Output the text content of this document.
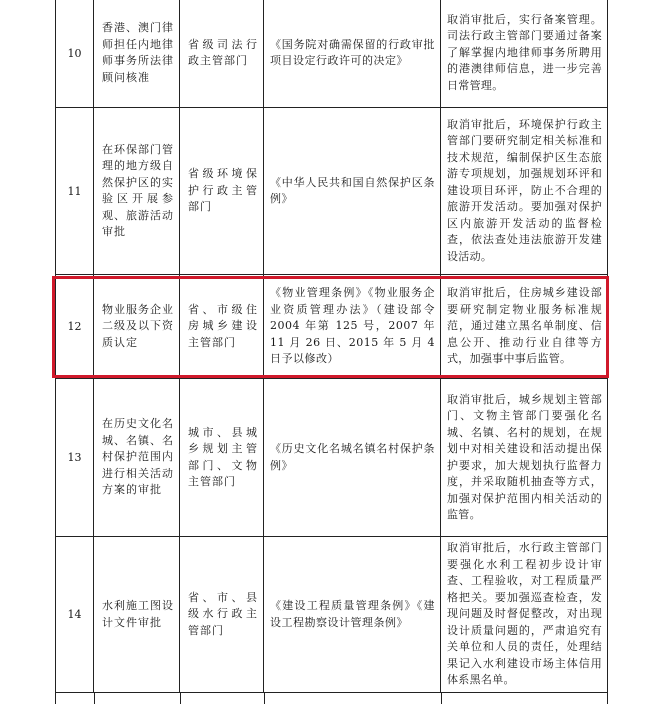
10	香港、澳门律师担任内地律师事务所法律顾问核准	省级司法行政主管部门	《国务院对确需保留的行政审批项目设定行政许可的决定》	取消审批后，实行备案管理。司法行政主管部门要通过备案了解掌握内地律师事务所聘用的港澳律师信息，进一步完善日常管理。
11	在环保部门管理的地方级自然保护区的实验区开展参观、旅游活动审批	省级环境保护行政主管部门	《中华人民共和国自然保护区条例》	取消审批后，环境保护行政主管部门要研究制定相关标准和技术规范，编制保护区生态旅游专项规划，加强规划环评和建设项目环评，防止不合理的旅游开发活动。要加强对保护区内旅游开发活动的监督检查，依法查处违法旅游开发建设活动。
12	物业服务企业二级及以下资质认定	省、市级住房城乡建设主管部门	《物业管理条例》《物业服务企业资质管理办法》（建设部令 2004 年第 125 号，2007 年 11 月 26 日、2015 年 5 月 4 日予以修改）	取消审批后，住房城乡建设部要研究制定物业服务标准规范，通过建立黑名单制度、信息公开、推动行业自律等方式，加强事中事后监管。
13	在历史文化名城、名镇、名村保护范围内进行相关活动方案的审批	城市、县城乡规划主管部门、文物主管部门	《历史文化名城名镇名村保护条例》	取消审批后，城乡规划主管部门、文物主管部门要强化名城、名镇、名村的规划，在规划中对相关建设和活动提出保护要求，加大规划执行监督力度，并采取随机抽查等方式，加强对保护范围内相关活动的监管。
14	水利施工图设计文件审批	省、市、县级水行政主管部门	《建设工程质量管理条例》《建设工程勘察设计管理条例》	取消审批后，水行政主管部门要强化水利工程初步设计审查、工程验收，对工程质量严格把关。要加强巡查检查，发现问题及时督促整改，对出现设计质量问题的，严肃追究有关单位和人员的责任，处理结果记入水利建设市场主体信用体系黑名单。
